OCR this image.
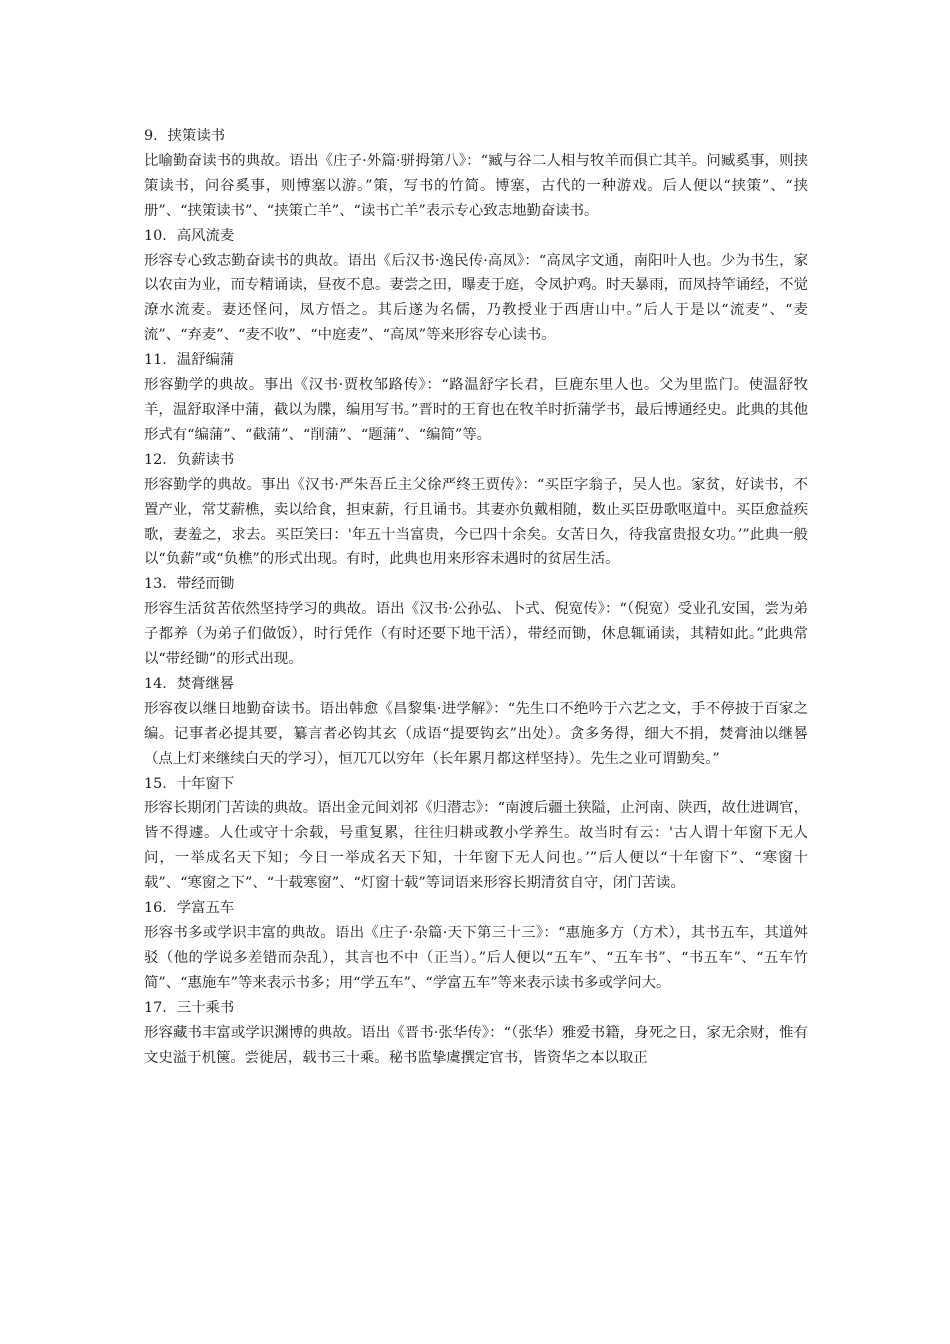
9．挟策读书

比喻勤奋读书的典故。语出《庄子·外篇·骈拇第八》：“臧与谷二人相与牧羊而俱亡其羊。问臧奚事，则挟策读书，问谷奚事，则博塞以游。”策，写书的竹简。博塞，古代的一种游戏。后人便以“挟策”、“挟册”、“挟策读书”、“挟策亡羊”、“读书亡羊”表示专心致志地勤奋读书。

10．高风流麦

形容专心致志勤奋读书的典故。语出《后汉书·逸民传·高凤》：“高凤字文通，南阳叶人也。少为书生，家以农亩为业，而专精诵读，昼夜不息。妻尝之田，曝麦于庭，令凤护鸡。时天暴雨，而凤持竿诵经，不觉潦水流麦。妻还怪问，凤方悟之。其后遂为名儒，乃教授业于西唐山中。”后人于是以“流麦”、“麦流”、“弃麦”、“麦不收”、“中庭麦”、“高凤”等来形容专心读书。

11．温舒编蒲

形容勤学的典故。事出《汉书·贾枚邹路传》：“路温舒字长君，巨鹿东里人也。父为里监门。使温舒牧羊，温舒取泽中蒲，截以为牒，编用写书。”晋时的王育也在牧羊时折蒲学书，最后博通经史。此典的其他形式有“编蒲”、“截蒲”、“削蒲”、“题蒲”、“编简”等。

12．负薪读书

形容勤学的典故。事出《汉书·严朱吾丘主父徐严终王贾传》：“买臣字翁子，吴人也。家贫，好读书，不置产业，常艾薪樵，卖以给食，担束薪，行且诵书。其妻亦负戴相随，数止买臣毋歌呕道中。买臣愈益疾歌，妻羞之，求去。买臣笑曰：'年五十当富贵，今已四十余矣。女苦日久，待我富贵报女功。’”此典一般以“负薪”或“负樵”的形式出现。有时，此典也用来形容未遇时的贫居生活。

13．带经而锄

形容生活贫苦依然坚持学习的典故。语出《汉书·公孙弘、卜式、倪宽传》：“（倪宽）受业孔安国，尝为弟子都养（为弟子们做饭），时行凭作（有时还要下地干活），带经而锄，休息辄诵读，其精如此。”此典常以“带经锄”的形式出现。

14．焚膏继晷

形容夜以继日地勤奋读书。语出韩愈《昌黎集·进学解》：“先生口不绝吟于六艺之文，手不停披于百家之编。记事者必提其要，纂言者必钩其玄（成语“提要钩玄”出处）。贪多务得，细大不捐，焚膏油以继晷（点上灯来继续白天的学习），恒兀兀以穷年（长年累月都这样坚持）。先生之业可谓勤矣。”

15．十年窗下

形容长期闭门苦读的典故。语出金元间刘祁《归潜志》：“南渡后疆土狭隘，止河南、陕西，故仕进调官，皆不得遽。人仕或守十余载，号重复累，往往归耕或教小学养生。故当时有云：'古人谓十年窗下无人问，一举成名天下知；今日一举成名天下知，十年窗下无人问也。’”后人便以“十年窗下”、“寒窗十载”、“寒窗之下”、“十载寒窗”、“灯窗十载”等词语来形容长期清贫自守，闭门苦读。

16．学富五车

形容书多或学识丰富的典故。语出《庄子·杂篇·天下第三十三》：“惠施多方（方术），其书五车，其道舛驳（他的学说多差错而杂乱），其言也不中（正当）。”后人便以“五车”、“五车书”、“书五车”、“五车竹简”、“惠施车”等来表示书多；用“学五车”、“学富五车”等来表示读书多或学问大。

17．三十乘书

形容藏书丰富或学识渊博的典故。语出《晋书·张华传》：“（张华）雅爱书籍，身死之日，家无余财，惟有文史溢于机箧。尝徙居，载书三十乘。秘书监挚虞撰定官书，皆资华之本以取正
